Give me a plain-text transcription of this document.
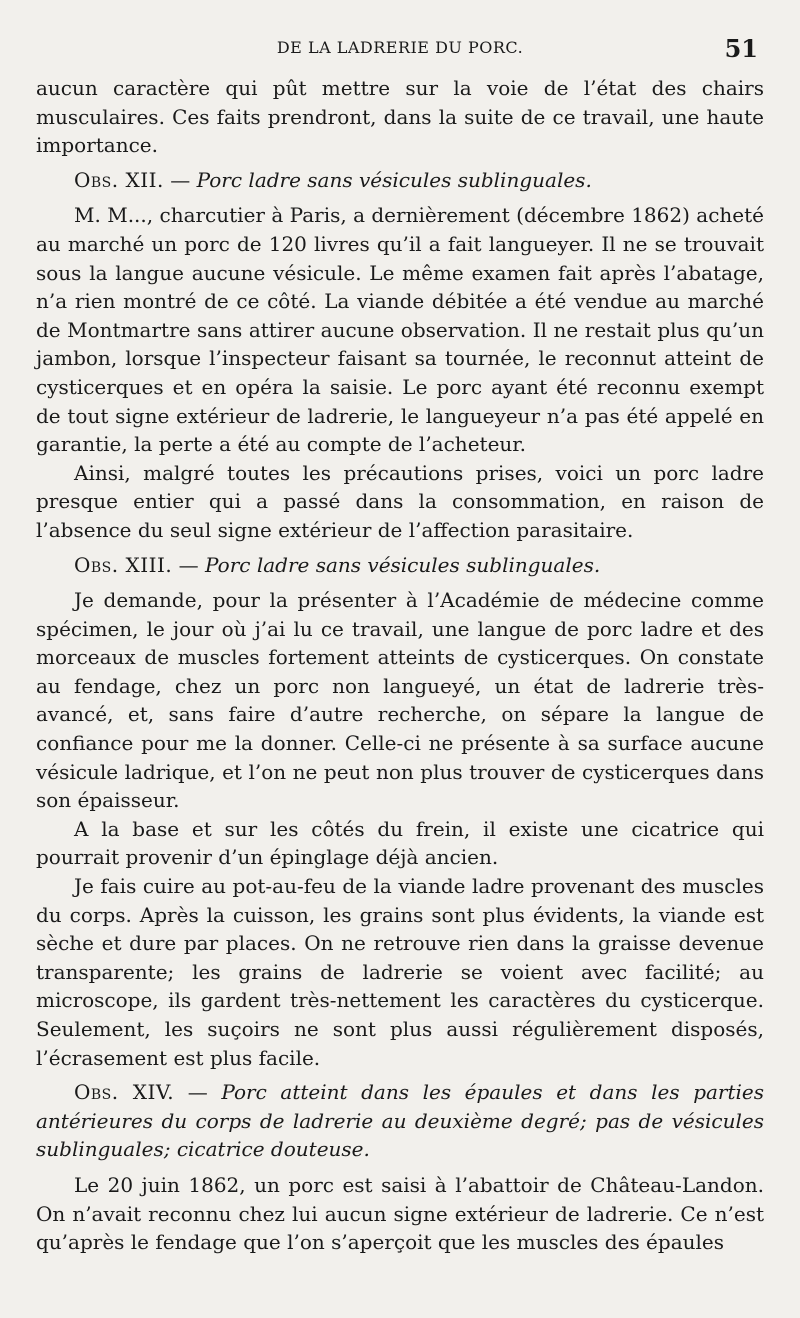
DE LA LADRERIE DU PORC.	51

aucun caractère qui pût mettre sur la voie de l’état des chairs musculaires. Ces faits prendront, dans la suite de ce travail, une haute importance.

Obs. XII. — Porc ladre sans vésicules sublinguales.

M. M..., charcutier à Paris, a dernièrement (décembre 1862) acheté au marché un porc de 120 livres qu’il a fait langueyer. Il ne se trouvait sous la langue aucune vésicule. Le même examen fait après l’abatage, n’a rien montré de ce côté. La viande débitée a été vendue au marché de Montmartre sans attirer aucune observation. Il ne restait plus qu’un jambon, lorsque l’inspecteur faisant sa tournée, le reconnut atteint de cysticerques et en opéra la saisie. Le porc ayant été reconnu exempt de tout signe extérieur de ladrerie, le langueyeur n’a pas été appelé en garantie, la perte a été au compte de l’acheteur.

Ainsi, malgré toutes les précautions prises, voici un porc ladre presque entier qui a passé dans la consommation, en raison de l’absence du seul signe extérieur de l’affection parasitaire.

Obs. XIII. — Porc ladre sans vésicules sublinguales.

Je demande, pour la présenter à l’Académie de médecine comme spécimen, le jour où j’ai lu ce travail, une langue de porc ladre et des morceaux de muscles fortement atteints de cysticerques. On constate au fendage, chez un porc non langueyé, un état de ladrerie très-avancé, et, sans faire d’autre recherche, on sépare la langue de confiance pour me la donner. Celle-ci ne présente à sa surface aucune vésicule ladrique, et l’on ne peut non plus trouver de cysticerques dans son épaisseur.

A la base et sur les côtés du frein, il existe une cicatrice qui pourrait provenir d’un épinglage déjà ancien.

Je fais cuire au pot-au-feu de la viande ladre provenant des muscles du corps. Après la cuisson, les grains sont plus évidents, la viande est sèche et dure par places. On ne retrouve rien dans la graisse devenue transparente; les grains de ladrerie se voient avec facilité; au microscope, ils gardent très-nettement les caractères du cysticerque. Seulement, les suçoirs ne sont plus aussi régulièrement disposés, l’écrasement est plus facile.

Obs. XIV. — Porc atteint dans les épaules et dans les parties antérieures du corps de ladrerie au deuxième degré; pas de vésicules sublinguales; cicatrice douteuse.

Le 20 juin 1862, un porc est saisi à l’abattoir de Château-Landon. On n’avait reconnu chez lui aucun signe extérieur de ladrerie. Ce n’est qu’après le fendage que l’on s’aperçoit que les muscles des épaules
